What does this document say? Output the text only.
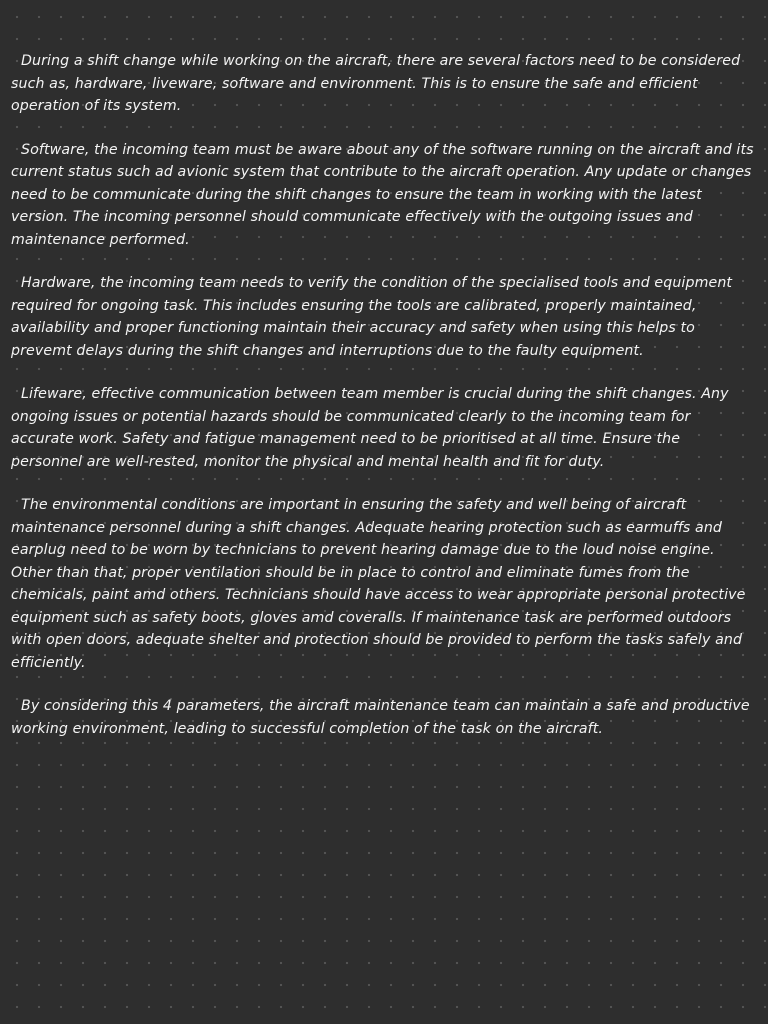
During a shift change while working on the aircraft, there are several factors need to be considered such as, hardware, liveware, software and environment. This is to ensure the safe and efficient operation of its system.

Software, the incoming team must be aware about any of the software running on the aircraft and its current status such ad avionic system that contribute to the aircraft operation. Any update or changes need to be communicate during the shift changes to ensure the team in working with the latest version. The incoming personnel should communicate effectively with the outgoing issues and maintenance performed.

Hardware, the incoming team needs to verify the condition of the specialised tools and equipment required for ongoing task. This includes ensuring the tools are calibrated, properly maintained, availability and proper functioning maintain their accuracy and safety when using this helps to prevemt delays during the shift changes and interruptions due to the faulty equipment.

Lifeware, effective communication between team member is crucial during the shift changes. Any ongoing issues or potential hazards should be communicated clearly to the incoming team for accurate work. Safety and fatigue management need to be prioritised at all time. Ensure the personnel are well-rested, monitor the physical and mental health and fit for duty.

The environmental conditions are important in ensuring the safety and well being of aircraft maintenance personnel during a shift changes. Adequate hearing protection such as earmuffs and earplug need to be worn by technicians to prevent hearing damage due to the loud noise engine. Other than that, proper ventilation should be in place to control and eliminate fumes from the chemicals, paint amd others. Technicians should have access to wear appropriate personal protective equipment such as safety boots, gloves amd coveralls. If maintenance task are performed outdoors with open doors, adequate shelter and protection should be provided to perform the tasks safely and efficiently.

By considering this 4 parameters, the aircraft maintenance team can maintain a safe and productive working environment, leading to successful completion of the task on the aircraft.
